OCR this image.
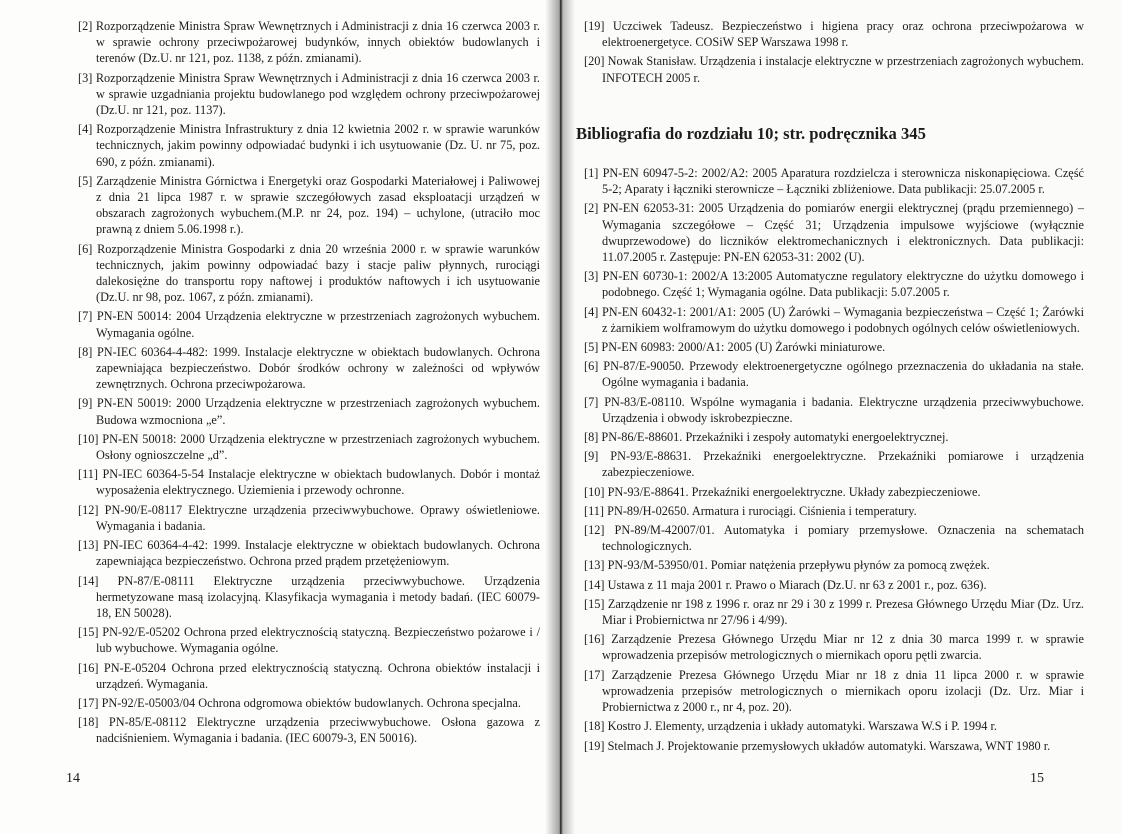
[2] Rozporządzenie Ministra Spraw Wewnętrznych i Administracji z dnia 16 czerwca 2003 r. w sprawie ochrony przeciwpożarowej budynków, innych obiektów budowlanych i terenów (Dz.U. nr 121, poz. 1138, z późn. zmianami).
[3] Rozporządzenie Ministra Spraw Wewnętrznych i Administracji z dnia 16 czerwca 2003 r. w sprawie uzgadniania projektu budowlanego pod względem ochrony przeciwpożarowej (Dz.U. nr 121, poz. 1137).
[4] Rozporządzenie Ministra Infrastruktury z dnia 12 kwietnia 2002 r. w sprawie warunków technicznych, jakim powinny odpowiadać budynki i ich usytuowanie (Dz. U. nr 75, poz. 690, z późn. zmianami).
[5] Zarządzenie Ministra Górnictwa i Energetyki oraz Gospodarki Materiałowej i Paliwowej z dnia 21 lipca 1987 r. w sprawie szczegółowych zasad eksploatacji urządzeń w obszarach zagrożonych wybuchem.(M.P. nr 24, poz. 194) – uchylone, (utraciło moc prawną z dniem 5.06.1998 r.).
[6] Rozporządzenie Ministra Gospodarki z dnia 20 września 2000 r. w sprawie warunków technicznych, jakim powinny odpowiadać bazy i stacje paliw płynnych, rurociągi dalekosiężne do transportu ropy naftowej i produktów naftowych i ich usytuowanie (Dz.U. nr 98, poz. 1067, z późn. zmianami).
[7] PN-EN 50014: 2004 Urządzenia elektryczne w przestrzeniach zagrożonych wybuchem. Wymagania ogólne.
[8] PN-IEC 60364-4-482: 1999. Instalacje elektryczne w obiektach budowlanych. Ochrona zapewniająca bezpieczeństwo. Dobór środków ochrony w zależności od wpływów zewnętrznych. Ochrona przeciwpożarowa.
[9] PN-EN 50019: 2000 Urządzenia elektryczne w przestrzeniach zagrożonych wybuchem. Budowa wzmocniona „e”.
[10] PN-EN 50018: 2000 Urządzenia elektryczne w przestrzeniach zagrożonych wybuchem. Osłony ognioszczelne „d”.
[11] PN-IEC 60364-5-54 Instalacje elektryczne w obiektach budowlanych. Dobór i montaż wyposażenia elektrycznego. Uziemienia i przewody ochronne.
[12] PN-90/E-08117 Elektryczne urządzenia przeciwwybuchowe. Oprawy oświetleniowe. Wymagania i badania.
[13] PN-IEC 60364-4-42: 1999. Instalacje elektryczne w obiektach budowlanych. Ochrona zapewniająca bezpieczeństwo. Ochrona przed prądem przetężeniowym.
[14] PN-87/E-08111 Elektryczne urządzenia przeciwwybuchowe. Urządzenia hermetyzowane masą izolacyjną. Klasyfikacja wymagania i metody badań. (IEC 60079-18, EN 50028).
[15] PN-92/E-05202 Ochrona przed elektrycznością statyczną. Bezpieczeństwo pożarowe i / lub wybuchowe. Wymagania ogólne.
[16] PN-E-05204 Ochrona przed elektrycznością statyczną. Ochrona obiektów instalacji i urządzeń. Wymagania.
[17] PN-92/E-05003/04 Ochrona odgromowa obiektów budowlanych. Ochrona specjalna.
[18] PN-85/E-08112 Elektryczne urządzenia przeciwwybuchowe. Osłona gazowa z nadciśnieniem. Wymagania i badania. (IEC 60079-3, EN 50016).
14
[19] Uczciwek Tadeusz. Bezpieczeństwo i higiena pracy oraz ochrona przeciwpożarowa w elektroenergetyce. COSiW SEP Warszawa 1998 r.
[20] Nowak Stanisław. Urządzenia i instalacje elektryczne w przestrzeniach zagrożonych wybuchem. INFOTECH 2005 r.
Bibliografia do rozdziału 10; str. podręcznika 345
[1] PN-EN 60947-5-2: 2002/A2: 2005 Aparatura rozdzielcza i sterownicza niskonapięciowa. Część 5-2; Aparaty i łączniki sterownicze – Łączniki zbliżeniowe. Data publikacji: 25.07.2005 r.
[2] PN-EN 62053-31: 2005 Urządzenia do pomiarów energii elektrycznej (prądu przemiennego) – Wymagania szczegółowe – Część 31; Urządzenia impulsowe wyjściowe (wyłącznie dwuprzewodowe) do liczników elektromechanicznych i elektronicznych. Data publikacji: 11.07.2005 r. Zastępuje: PN-EN 62053-31: 2002 (U).
[3] PN-EN 60730-1: 2002/A 13:2005 Automatyczne regulatory elektryczne do użytku domowego i podobnego. Część 1; Wymagania ogólne. Data publikacji: 5.07.2005 r.
[4] PN-EN 60432-1: 2001/A1: 2005 (U) Żarówki – Wymagania bezpieczeństwa – Część 1; Żarówki z żarnikiem wolframowym do użytku domowego i podobnych ogólnych celów oświetleniowych.
[5] PN-EN 60983: 2000/A1: 2005 (U) Żarówki miniaturowe.
[6] PN-87/E-90050. Przewody elektroenergetyczne ogólnego przeznaczenia do układania na stałe. Ogólne wymagania i badania.
[7] PN-83/E-08110. Wspólne wymagania i badania. Elektryczne urządzenia przeciwwybuchowe. Urządzenia i obwody iskrobezpieczne.
[8] PN-86/E-88601. Przekaźniki i zespoły automatyki energoelektrycznej.
[9] PN-93/E-88631. Przekaźniki energoelektryczne. Przekaźniki pomiarowe i urządzenia zabezpieczeniowe.
[10] PN-93/E-88641. Przekaźniki energoelektryczne. Układy zabezpieczeniowe.
[11] PN-89/H-02650. Armatura i rurociągi. Ciśnienia i temperatury.
[12] PN-89/M-42007/01. Automatyka i pomiary przemysłowe. Oznaczenia na schematach technologicznych.
[13] PN-93/M-53950/01. Pomiar natężenia przepływu płynów za pomocą zwężek.
[14] Ustawa z 11 maja 2001 r. Prawo o Miarach (Dz.U. nr 63 z 2001 r., poz. 636).
[15] Zarządzenie nr 198 z 1996 r. oraz nr 29 i 30 z 1999 r. Prezesa Głównego Urzędu Miar (Dz. Urz. Miar i Probiernictwa nr 27/96 i 4/99).
[16] Zarządzenie Prezesa Głównego Urzędu Miar nr 12 z dnia 30 marca 1999 r. w sprawie wprowadzenia przepisów metrologicznych o miernikach oporu pętli zwarcia.
[17] Zarządzenie Prezesa Głównego Urzędu Miar nr 18 z dnia 11 lipca 2000 r. w sprawie wprowadzenia przepisów metrologicznych o miernikach oporu izolacji (Dz. Urz. Miar i Probiernictwa z 2000 r., nr 4, poz. 20).
[18] Kostro J. Elementy, urządzenia i układy automatyki. Warszawa W.S i P. 1994 r.
[19] Stelmach J. Projektowanie przemysłowych układów automatyki. Warszawa, WNT 1980 r.
15
